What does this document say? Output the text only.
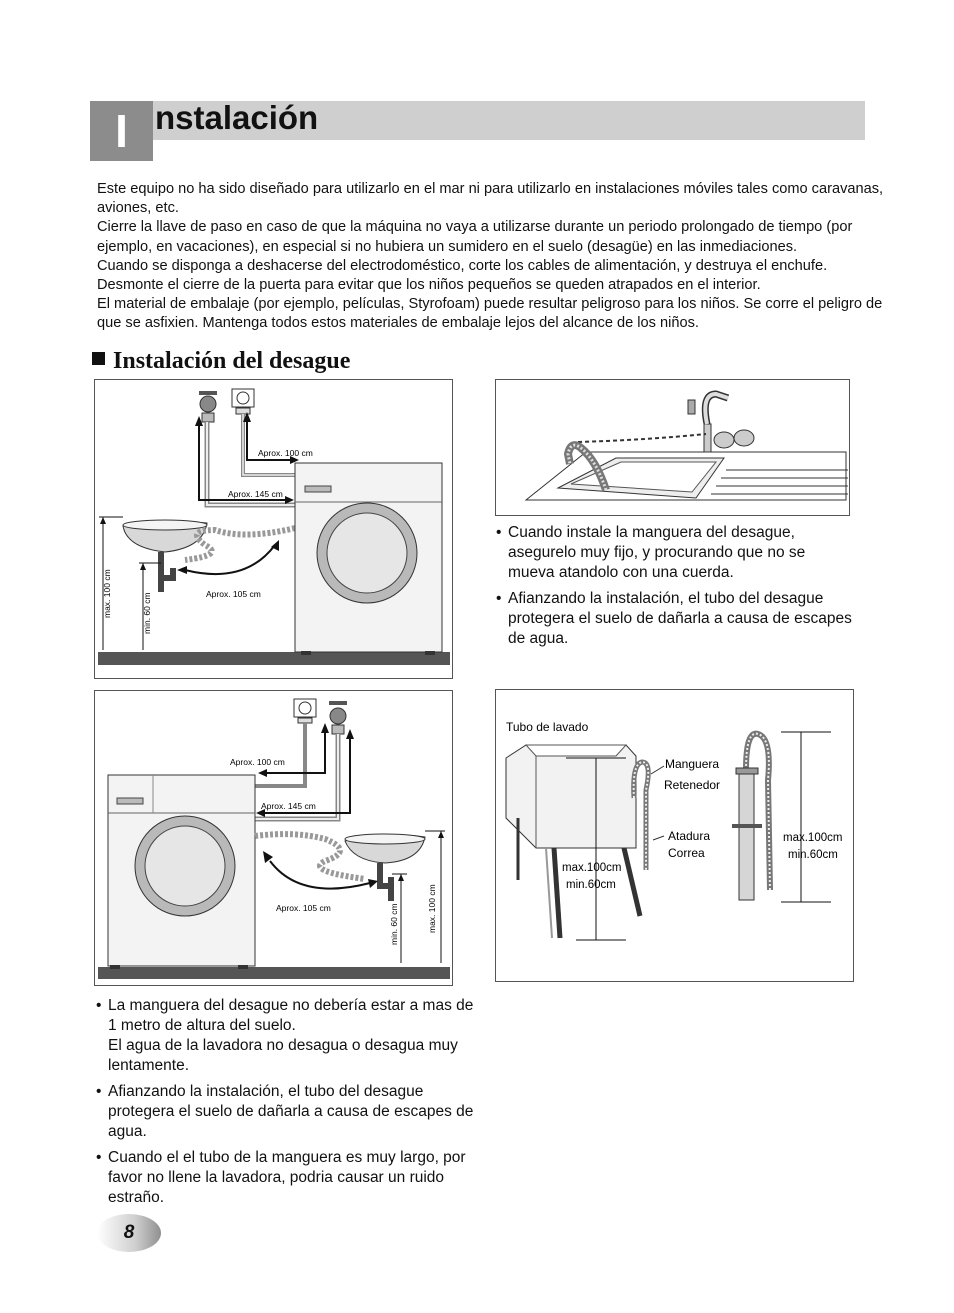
I nstalación

Este equipo no ha sido diseñado para utilizarlo en el mar ni para utilizarlo en instalaciones móviles tales como caravanas, aviones, etc.

Cierre la llave de paso en caso de que la máquina no vaya a utilizarse durante un periodo prolongado de tiempo (por ejemplo, en vacaciones), en especial si no hubiera un sumidero en el suelo (desagüe) en las inmediaciones.

Cuando se disponga a deshacerse del electrodoméstico, corte los cables de alimentación, y destruya el enchufe. Desmonte el cierre de la puerta para evitar que los niños pequeños se queden atrapados en el interior.

El material de embalaje (por ejemplo, películas, Styrofoam) puede resultar peligroso para los niños. Se corre el peligro de que se asfixien. Mantenga todos estos materiales de embalaje lejos del alcance de los niños.

Instalación del desague
Aprox. 100 cm
Aprox. 145 cm
Aprox. 105 cm
max. 100 cm	min. 60 cm
• Cuando instale la manguera del desague, asegurelo muy fijo, y procurando que no se mueva atandolo con una cuerda.
• Afianzando la instalación, el tubo del desague protegera el suelo de dañarla a causa de escapes de agua.
Aprox. 100 cm
Aprox. 145 cm
Aprox. 105 cm	min. 60 cm	max. 100 cm
Tubo de lavado
max.100cm
min.60cm
Manguera
Retenedor
Atadura
Correa
max.100cm
min.60cm
• La manguera del desague no debería estar a mas de 1 metro de altura del suelo.
El agua de la lavadora no desagua o desagua muy lentamente.
• Afianzando la instalación, el tubo del desague protegera el suelo de dañarla a causa de escapes de agua.
• Cuando el el tubo de la manguera es muy largo, por favor no llene la lavadora, podria causar un ruido estraño.
8
